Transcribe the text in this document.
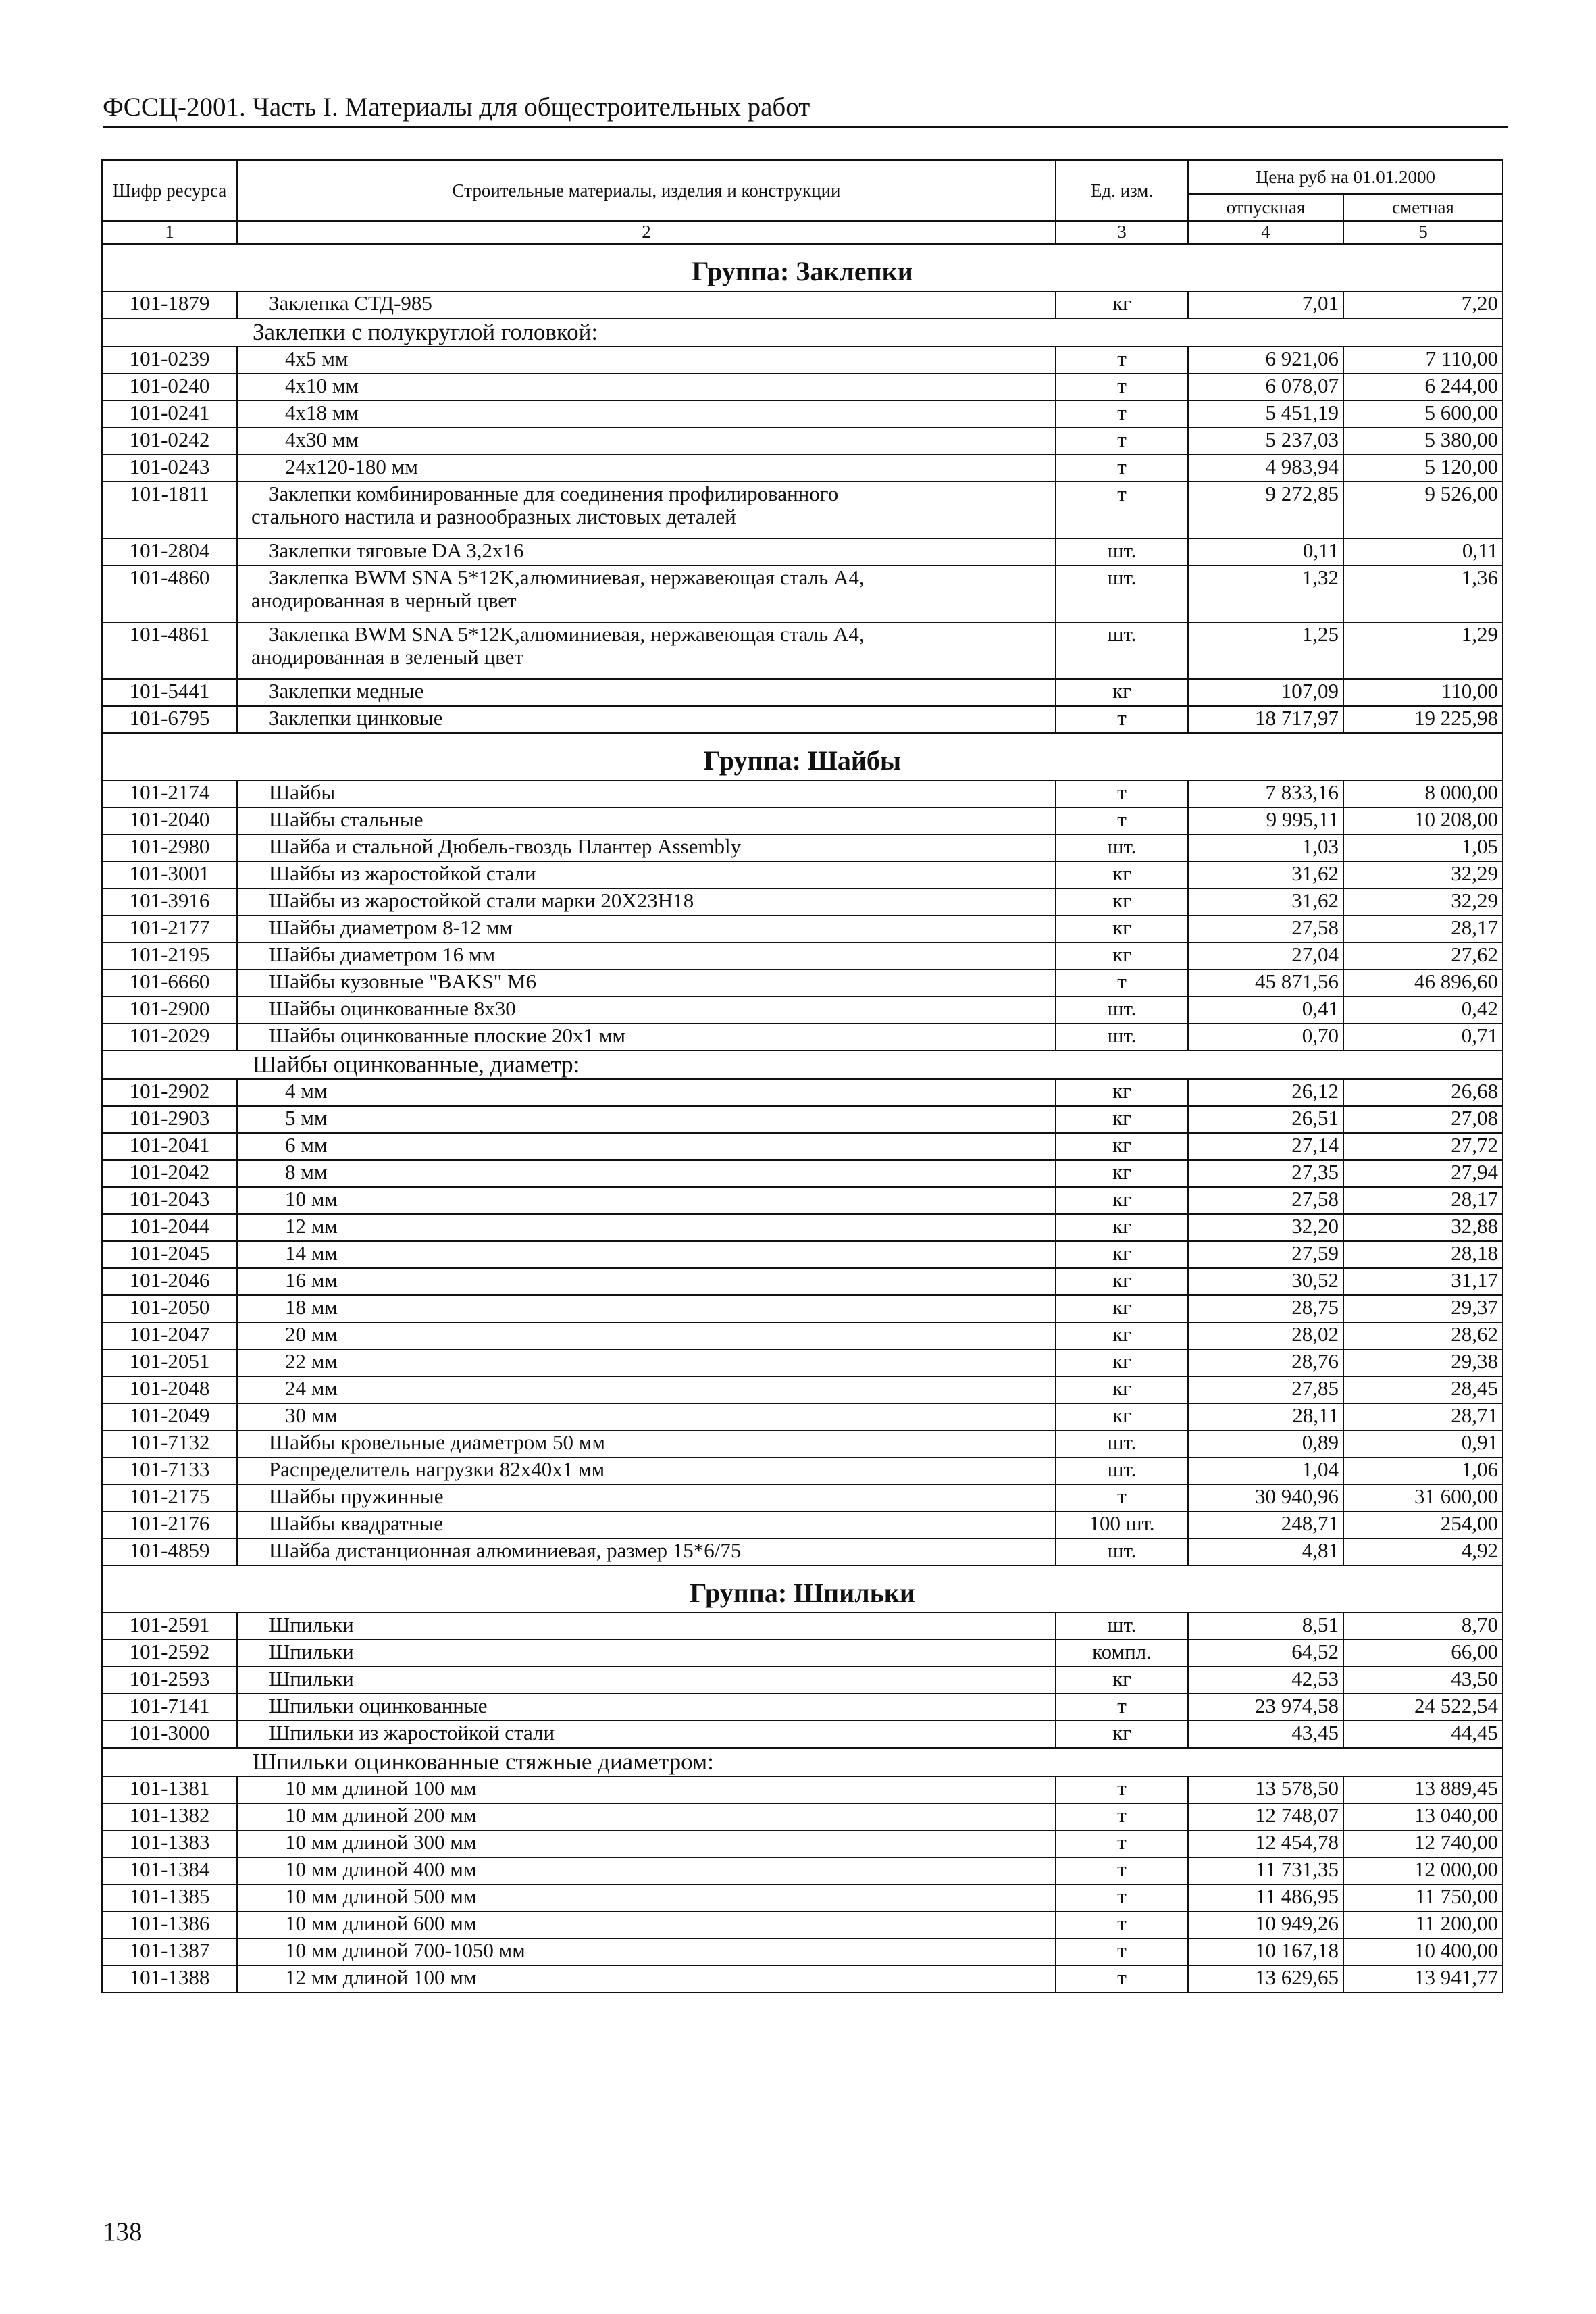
ФССЦ-2001. Часть I. Материалы для общестроительных работ
Шифр ресурса	Строительные материалы, изделия и конструкции	Ед. изм.	Цена руб на 01.01.2000	
			отпускная	сметная
1	2	3	4	5
Группа: Заклепки				
101-1879	Заклепка СТД-985	кг	7,01	7,20
Заклепки с полукруглой головкой:				
101-0239	4х5 мм	т	6 921,06	7 110,00
101-0240	4х10 мм	т	6 078,07	6 244,00
101-0241	4х18 мм	т	5 451,19	5 600,00
101-0242	4х30 мм	т	5 237,03	5 380,00
101-0243	24х120-180 мм	т	4 983,94	5 120,00
101-1811	Заклепки комбинированные для соединения профилированного
стального настила и разнообразных листовых деталей	т	9 272,85	9 526,00
101-2804	Заклепки тяговые DA 3,2х16	шт.	0,11	0,11
101-4860	Заклепка BWM SNA 5*12K,алюминиевая, нержавеющая сталь А4,
анодированная в черный цвет	шт.	1,32	1,36
101-4861	Заклепка BWM SNA 5*12K,алюминиевая, нержавеющая сталь А4,
анодированная в зеленый цвет	шт.	1,25	1,29
101-5441	Заклепки медные	кг	107,09	110,00
101-6795	Заклепки цинковые	т	18 717,97	19 225,98
Группа: Шайбы				
101-2174	Шайбы	т	7 833,16	8 000,00
101-2040	Шайбы стальные	т	9 995,11	10 208,00
101-2980	Шайба и стальной Дюбель-гвоздь Плантер Assembly	шт.	1,03	1,05
101-3001	Шайбы из жаростойкой стали	кг	31,62	32,29
101-3916	Шайбы из жаростойкой стали марки 20Х23Н18	кг	31,62	32,29
101-2177	Шайбы диаметром 8-12 мм	кг	27,58	28,17
101-2195	Шайбы диаметром 16 мм	кг	27,04	27,62
101-6660	Шайбы кузовные "BAKS" М6	т	45 871,56	46 896,60
101-2900	Шайбы оцинкованные 8х30	шт.	0,41	0,42
101-2029	Шайбы оцинкованные плоские 20х1 мм	шт.	0,70	0,71
Шайбы оцинкованные, диаметр:				
101-2902	4 мм	кг	26,12	26,68
101-2903	5 мм	кг	26,51	27,08
101-2041	6 мм	кг	27,14	27,72
101-2042	8 мм	кг	27,35	27,94
101-2043	10 мм	кг	27,58	28,17
101-2044	12 мм	кг	32,20	32,88
101-2045	14 мм	кг	27,59	28,18
101-2046	16 мм	кг	30,52	31,17
101-2050	18 мм	кг	28,75	29,37
101-2047	20 мм	кг	28,02	28,62
101-2051	22 мм	кг	28,76	29,38
101-2048	24 мм	кг	27,85	28,45
101-2049	30 мм	кг	28,11	28,71
101-7132	Шайбы кровельные диаметром 50 мм	шт.	0,89	0,91
101-7133	Распределитель нагрузки 82х40х1 мм	шт.	1,04	1,06
101-2175	Шайбы пружинные	т	30 940,96	31 600,00
101-2176	Шайбы квадратные	100 шт.	248,71	254,00
101-4859	Шайба дистанционная алюминиевая, размер 15*6/75	шт.	4,81	4,92
Группа: Шпильки				
101-2591	Шпильки	шт.	8,51	8,70
101-2592	Шпильки	компл.	64,52	66,00
101-2593	Шпильки	кг	42,53	43,50
101-7141	Шпильки оцинкованные	т	23 974,58	24 522,54
101-3000	Шпильки из жаростойкой стали	кг	43,45	44,45
Шпильки оцинкованные стяжные диаметром:				
101-1381	10 мм длиной 100 мм	т	13 578,50	13 889,45
101-1382	10 мм длиной 200 мм	т	12 748,07	13 040,00
101-1383	10 мм длиной 300 мм	т	12 454,78	12 740,00
101-1384	10 мм длиной 400 мм	т	11 731,35	12 000,00
101-1385	10 мм длиной 500 мм	т	11 486,95	11 750,00
101-1386	10 мм длиной 600 мм	т	10 949,26	11 200,00
101-1387	10 мм длиной 700-1050 мм	т	10 167,18	10 400,00
101-1388	12 мм длиной 100 мм	т	13 629,65	13 941,77
138
